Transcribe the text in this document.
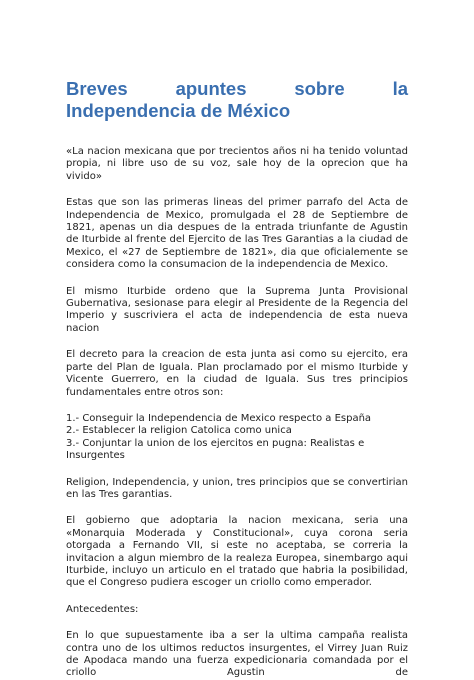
Breves apuntes sobre la Independencia de México

«La nacion mexicana que por trecientos años ni ha tenido voluntad propia, ni libre uso de su voz, sale hoy de la oprecion que ha vivido»

Estas que son las primeras lineas del primer parrafo del Acta de Independencia de Mexico, promulgada el 28 de Septiembre de 1821, apenas un dia despues de la entrada triunfante de Agustin de Iturbide al frente del Ejercito de las Tres Garantias a la ciudad de Mexico, el «27 de Septiembre de 1821», dia que oficialemente se considera como la consumacion de la independencia de Mexico.

El mismo Iturbide ordeno que la Suprema Junta Provisional Gubernativa, sesionase para elegir al Presidente de la Regencia del Imperio y suscriviera el acta de independencia de esta nueva nacion

El decreto para la creacion de esta junta asi como su ejercito, era parte del Plan de Iguala. Plan proclamado por el mismo Iturbide y Vicente Guerrero, en la ciudad de Iguala. Sus tres principios fundamentales entre otros son:

1.- Conseguir la Independencia de Mexico respecto a España
2.- Establecer la religion Catolica como unica
3.- Conjuntar la union de los ejercitos en pugna: Realistas e Insurgentes

Religion, Independencia, y union, tres principios que se convertirian en las Tres garantias.

El gobierno que adoptaria la nacion mexicana, seria una «Monarquia Moderada y Constitucional», cuya corona seria otorgada a Fernando VII, si este no aceptaba, se correria la invitacion a algun miembro de la realeza Europea, sinembargo aqui Iturbide, incluyo un articulo en el tratado que habria la posibilidad, que el Congreso pudiera escoger un criollo como emperador.

Antecedentes:

En lo que supuestamente iba a ser la ultima campaña realista contra uno de los ultimos reductos insurgentes, el Virrey Juan Ruiz de Apodaca mando una fuerza expedicionaria comandada por el criollo Agustin de
